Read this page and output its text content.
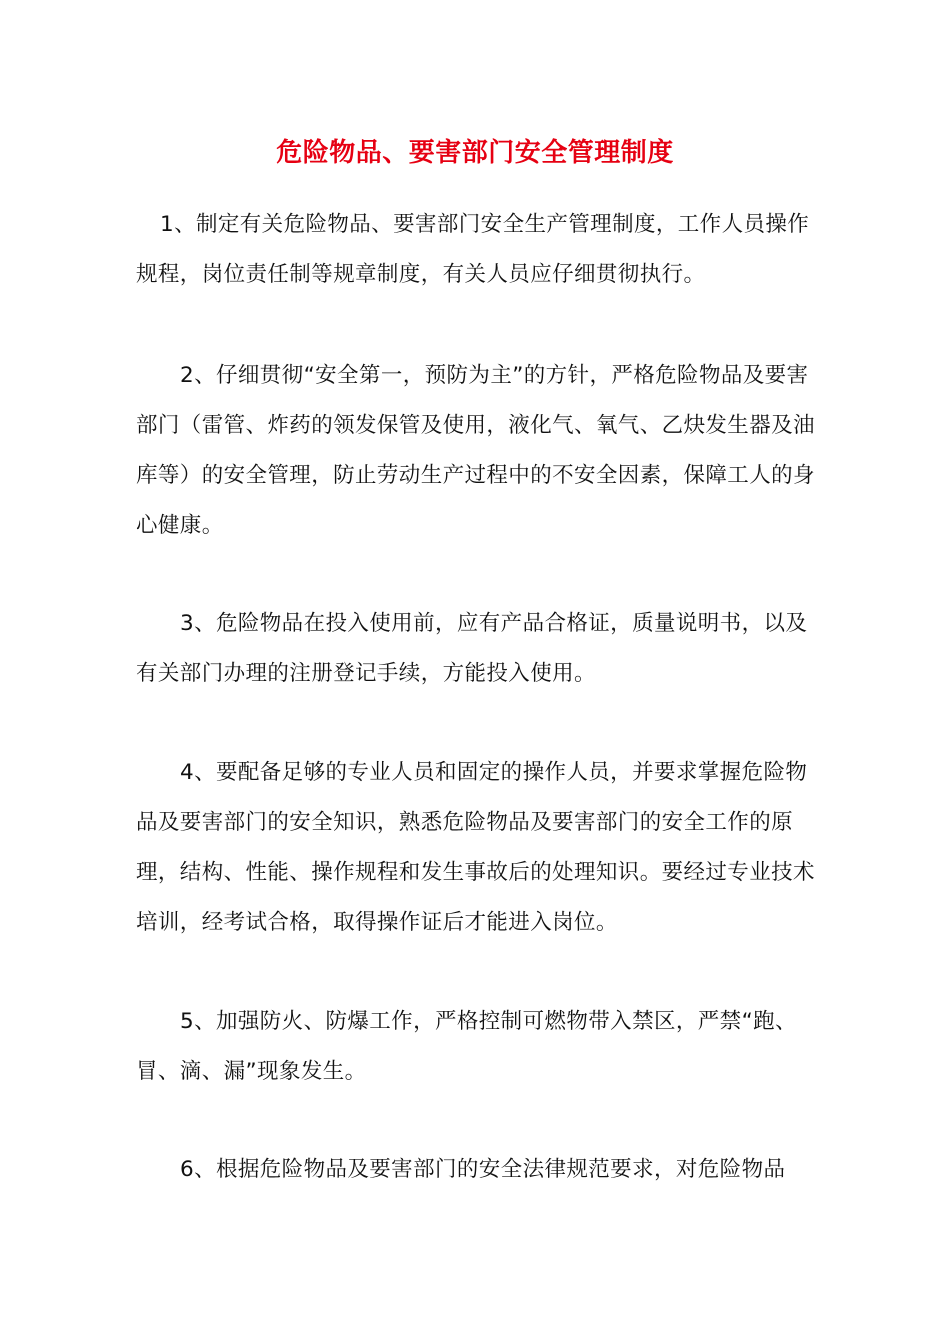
危险物品、要害部门安全管理制度

1、制定有关危险物品、要害部门安全生产管理制度，工作人员操作规程，岗位责任制等规章制度，有关人员应仔细贯彻执行。

2、仔细贯彻“安全第一，预防为主”的方针，严格危险物品及要害部门（雷管、炸药的领发保管及使用，液化气、氧气、乙炔发生器及油库等）的安全管理，防止劳动生产过程中的不安全因素，保障工人的身心健康。

3、危险物品在投入使用前，应有产品合格证，质量说明书，以及有关部门办理的注册登记手续，方能投入使用。

4、要配备足够的专业人员和固定的操作人员，并要求掌握危险物品及要害部门的安全知识，熟悉危险物品及要害部门的安全工作的原理，结构、性能、操作规程和发生事故后的处理知识。要经过专业技术培训，经考试合格，取得操作证后才能进入岗位。

5、加强防火、防爆工作，严格控制可燃物带入禁区，严禁“跑、冒、滴、漏”现象发生。

6、根据危险物品及要害部门的安全法律规范要求，对危险物品
